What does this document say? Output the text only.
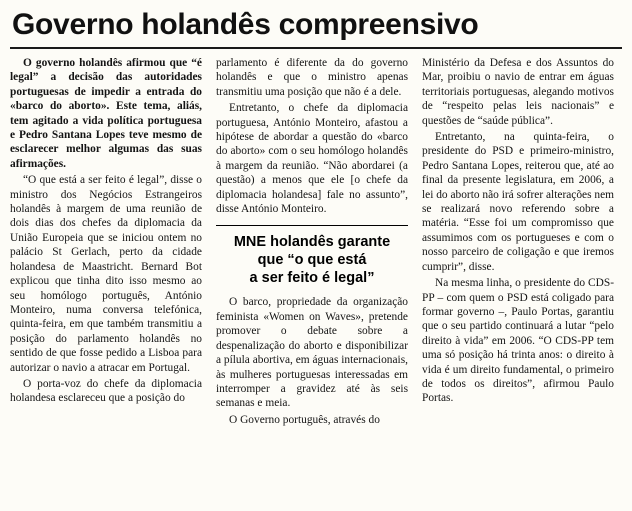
Governo holandês compreensivo

O governo holandês afirmou que “é legal” a decisão das autoridades portuguesas de impedir a entrada do «barco do aborto». Este tema, aliás, tem agitado a vida política portuguesa e Pedro Santana Lopes teve mesmo de esclarecer melhor algumas das suas afirmações.

“O que está a ser feito é legal”, disse o ministro dos Negócios Estrangeiros holandês à margem de uma reunião de dois dias dos chefes da diplomacia da União Europeia que se iniciou ontem no palácio St Gerlach, perto da cidade holandesa de Maastricht. Bernard Bot explicou que tinha dito isso mesmo ao seu homólogo português, António Monteiro, numa conversa telefónica, quinta-feira, em que também transmitiu a posição do parlamento holandês no sentido de que fosse pedido a Lisboa para autorizar o navio a atracar em Portugal.

O porta-voz do chefe da diplomacia holandesa esclareceu que a posição do

parlamento é diferente da do governo holandês e que o ministro apenas transmitiu uma posição que não é a dele.

Entretanto, o chefe da diplomacia portuguesa, António Monteiro, afastou a hipótese de abordar a questão do «barco do aborto» com o seu homólogo holandês à margem da reunião. “Não abordarei (a questão) a menos que ele [o chefe da diplomacia holandesa] fale no assunto”, disse António Monteiro.

MNE holandês garante
que “o que está
a ser feito é legal”

O barco, propriedade da organização feminista «Women on Waves», pretende promover o debate sobre a despenalização do aborto e disponibilizar a pílula abortiva, em águas internacionais, às mulheres portuguesas interessadas em interromper a gravidez até às seis semanas e meia.

O Governo português, através do

Ministério da Defesa e dos Assuntos do Mar, proibiu o navio de entrar em águas territoriais portuguesas, alegando motivos de “respeito pelas leis nacionais” e questões de “saúde pública”.

Entretanto, na quinta-feira, o presidente do PSD e primeiro-ministro, Pedro Santana Lopes, reiterou que, até ao final da presente legislatura, em 2006, a lei do aborto não irá sofrer alterações nem se realizará novo referendo sobre a matéria. “Esse foi um compromisso que assumimos com os portugueses e com o nosso parceiro de coligação e que iremos cumprir”, disse.

Na mesma linha, o presidente do CDS-PP – com quem o PSD está coligado para formar governo –, Paulo Portas, garantiu que o seu partido continuará a lutar “pelo direito à vida” em 2006. “O CDS-PP tem uma só posição há trinta anos: o direito à vida é um direito fundamental, o primeiro de todos os direitos”, afirmou Paulo Portas.
